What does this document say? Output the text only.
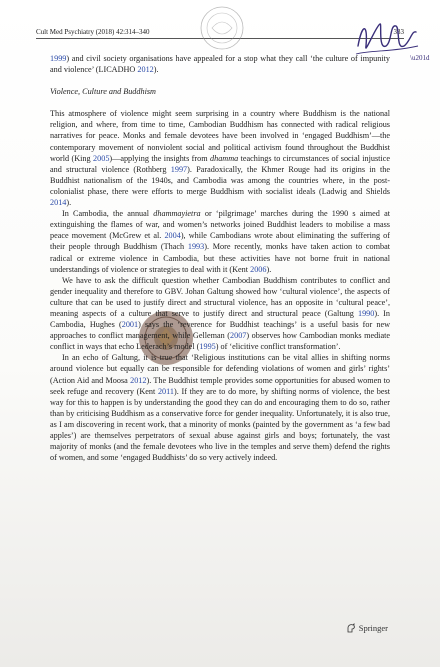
Cult Med Psychiatry (2018) 42:314–340	333
\u201d

1999) and civil society organisations have appealed for a stop what they call ‘the culture of impunity and violence’ (LICADHO 2012).

Violence, Culture and Buddhism

This atmosphere of violence might seem surprising in a country where Buddhism is the national religion, and where, from time to time, Cambodian Buddhism has connected with radical religious narratives for peace. Monks and female devotees have been involved in ‘engaged Buddhism’—the contemporary movement of nonviolent social and political activism found throughout the Buddhist world (King 2005)—applying the insights from dhamma teachings to circumstances of social injustice and structural violence (Rothberg 1997). Paradoxically, the Khmer Rouge had its origins in the Buddhist nationalism of the 1940s, and Cambodia was among the countries where, in the post-colonialist phase, there were efforts to merge Buddhism with socialist ideals (Ladwig and Shields 2014).

In Cambodia, the annual dhammayietra or ‘pilgrimage’ marches during the 1990 s aimed at extinguishing the flames of war, and women’s networks joined Buddhist leaders to mobilise a mass peace movement (McGrew et al. 2004), while Cambodians wrote about eliminating the suffering of their people through Buddhism (Thach 1993). More recently, monks have taken action to combat radical or extreme violence in Cambodia, but these activities have not borne fruit in national understandings of violence or strategies to deal with it (Kent 2006).

We have to ask the difficult question whether Cambodian Buddhism contributes to conflict and gender inequality and therefore to GBV. Johan Galtung showed how ‘cultural violence’, the aspects of culture that can be used to justify direct and structural violence, has an opposite in ‘cultural peace’, meaning aspects of a culture that serve to justify direct and structural peace (Galtung 1990). In Cambodia, Hughes (2001) says the ‘reverence for Buddhist teachings’ is a useful basis for new approaches to conflict management, while Gelleman (2007) observes how Cambodian monks mediate conflict in ways that echo Lederach’s model (1995) of ‘elicitive conflict transformation’.

In an echo of Galtung, it is true that ‘Religious institutions can be vital allies in shifting norms around violence but equally can be responsible for defending violations of women and girls’ rights’ (Action Aid and Moosa 2012). The Buddhist temple provides some opportunities for abused women to seek refuge and recovery (Kent 2011). If they are to do more, by shifting norms of violence, the best way for this to happen is by understanding the good they can do and encouraging them to do so, rather than by criticising Buddhism as a conservative force for gender inequality. Unfortunately, it is also true, as I am discovering in recent work, that a minority of monks (painted by the government as ‘a few bad apples’) are themselves perpetrators of sexual abuse against girls and boys; fortunately, the vast majority of monks (and the female devotees who live in the temples and serve them) defend the rights of women, and some ‘engaged Buddhists’ do so very actively indeed.

Springer
